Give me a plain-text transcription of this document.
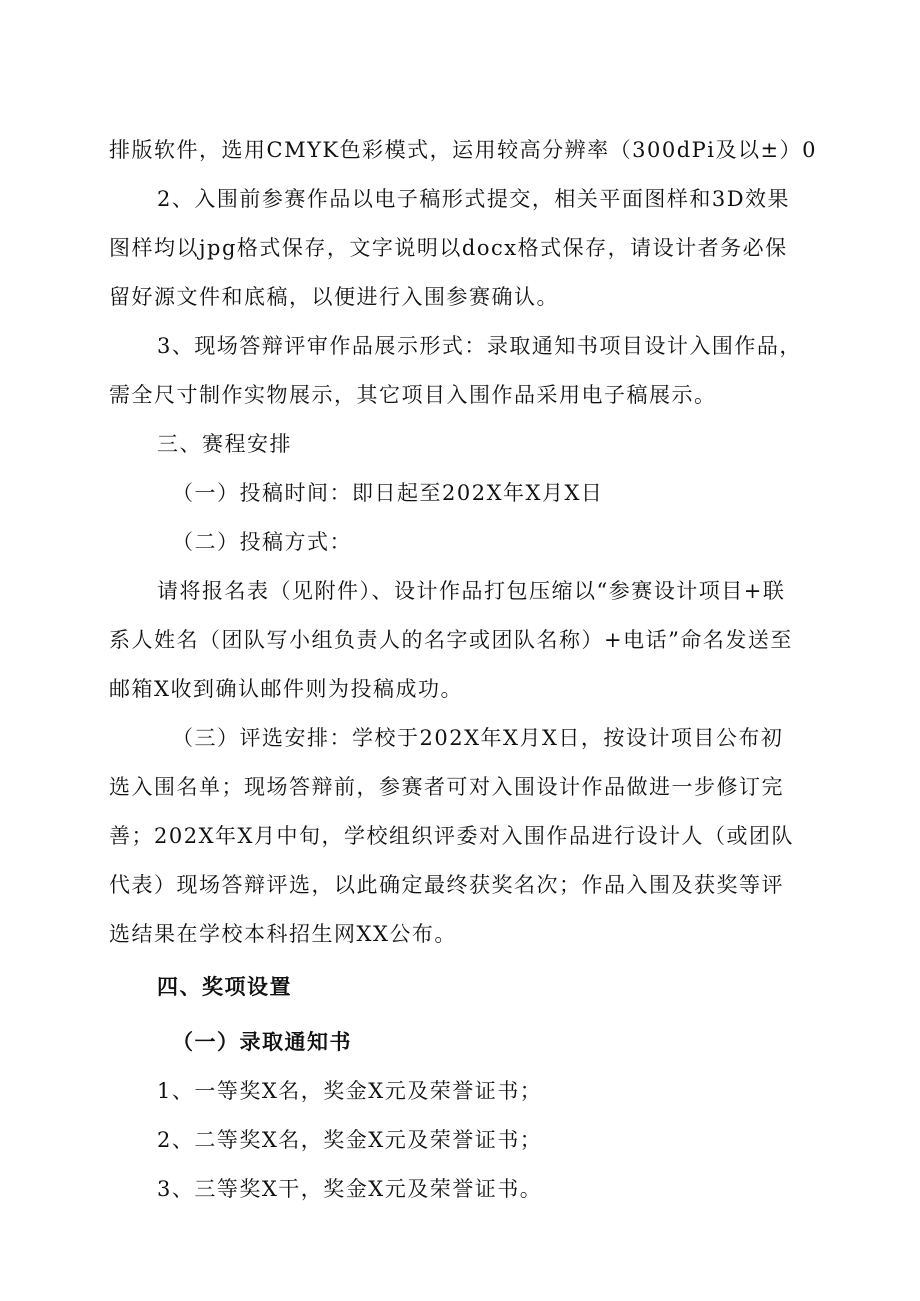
排版软件，选用CMYK色彩模式，运用较高分辨率（300dPi及以±）0
2、入围前参赛作品以电子稿形式提交，相关平面图样和3D效果
图样均以jpg格式保存，文字说明以docx格式保存，请设计者务必保
留好源文件和底稿，以便进行入围参赛确认。
3、现场答辩评审作品展示形式：录取通知书项目设计入围作品，
需全尺寸制作实物展示，其它项目入围作品采用电子稿展示。
三、赛程安排
（一）投稿时间：即日起至202X年X月X日
（二）投稿方式：
请将报名表（见附件）、设计作品打包压缩以“参赛设计项目+联
系人姓名（团队写小组负责人的名字或团队名称）+电话”命名发送至
邮箱X收到确认邮件则为投稿成功。
（三）评选安排：学校于202X年X月X日，按设计项目公布初
选入围名单；现场答辩前，参赛者可对入围设计作品做进一步修订完
善；202X年X月中旬，学校组织评委对入围作品进行设计人（或团队
代表）现场答辩评选，以此确定最终获奖名次；作品入围及获奖等评
选结果在学校本科招生网XX公布。
四、奖项设置
（一）录取通知书
1、一等奖X名，奖金X元及荣誉证书；
2、二等奖X名，奖金X元及荣誉证书；
3、三等奖X干，奖金X元及荣誉证书。
